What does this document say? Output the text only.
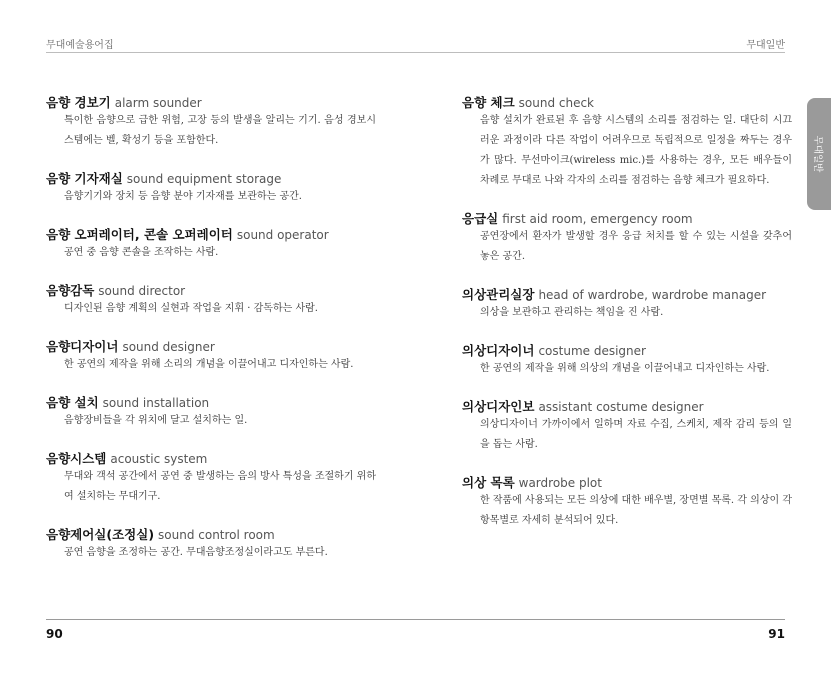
무대예술용어집	무대일반
음향 경보기 alarm sounder
특이한 음향으로 급한 위험, 고장 등의 발생을 알리는 기기. 음성 경보시스템에는 벨, 확성기 등을 포함한다.
음향 기자재실 sound equipment storage
음향기기와 장치 등 음향 분야 기자재를 보관하는 공간.
음향 오퍼레이터, 콘솔 오퍼레이터 sound operator
공연 중 음향 콘솔을 조작하는 사람.
음향감독 sound director
디자인된 음향 계획의 실현과 작업을 지휘 · 감독하는 사람.
음향디자이너 sound designer
한 공연의 제작을 위해 소리의 개념을 이끌어내고 디자인하는 사람.
음향 설치 sound installation
음향장비들을 각 위치에 달고 설치하는 일.
음향시스템 acoustic system
무대와 객석 공간에서 공연 중 발생하는 음의 방사 특성을 조절하기 위하여 설치하는 무대기구.
음향제어실(조정실) sound control room
공연 음향을 조정하는 공간. 무대음향조정실이라고도 부른다.
음향 체크 sound check
음향 설치가 완료된 후 음향 시스템의 소리를 점검하는 일. 대단히 시끄러운 과정이라 다른 작업이 어려우므로 독립적으로 일정을 짜두는 경우가 많다. 무선마이크(wireless mic.)를 사용하는 경우, 모든 배우들이 차례로 무대로 나와 각자의 소리를 점검하는 음향 체크가 필요하다.
응급실 first aid room, emergency room
공연장에서 환자가 발생할 경우 응급 처치를 할 수 있는 시설을 갖추어 놓은 공간.
의상관리실장 head of wardrobe, wardrobe manager
의상을 보관하고 관리하는 책임을 진 사람.
의상디자이너 costume designer
한 공연의 제작을 위해 의상의 개념을 이끌어내고 디자인하는 사람.
의상디자인보 assistant costume designer
의상디자이너 가까이에서 일하며 자료 수집, 스케치, 제작 감리 등의 일을 돕는 사람.
의상 목록 wardrobe plot
한 작품에 사용되는 모든 의상에 대한 배우별, 장면별 목록. 각 의상이 각 항목별로 자세히 분석되어 있다.
무대일반
90	91
